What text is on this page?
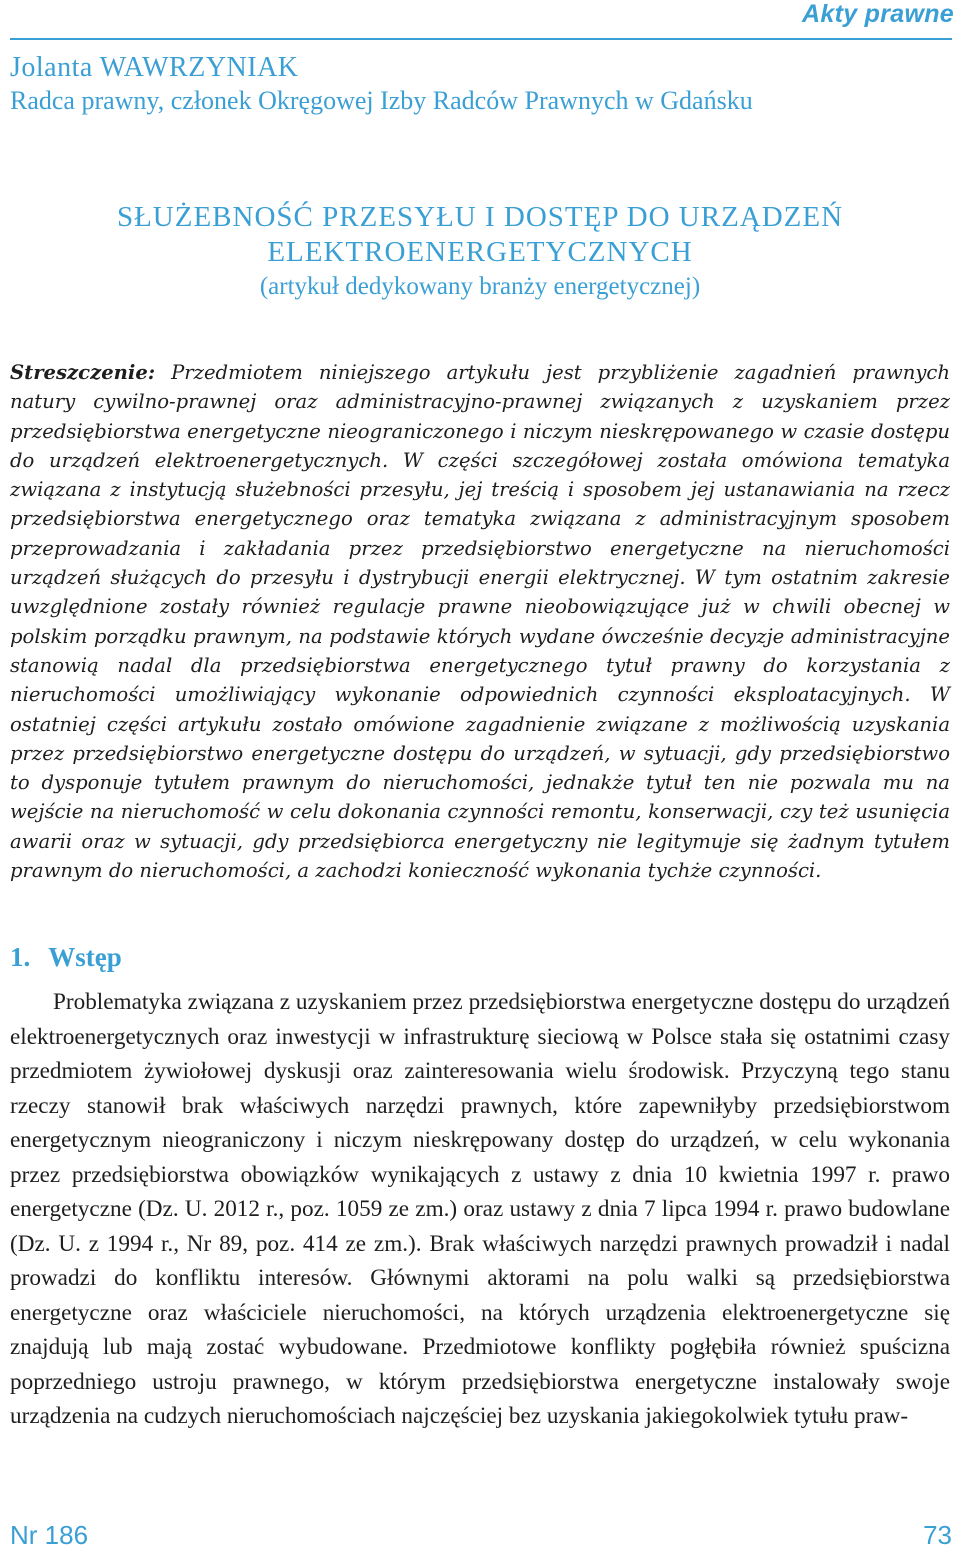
Akty prawne
Jolanta WAWRZYNIAK
Radca prawny, członek Okręgowej Izby Radców Prawnych w Gdańsku
SŁUŻEBNOŚĆ PRZESYŁU I DOSTĘP DO URZĄDZEŃ
ELEKTROENERGETYCZNYCH
(artykuł dedykowany branży energetycznej)
Streszczenie: Przedmiotem niniejszego artykułu jest przybliżenie zagadnień prawnych natury cywilno-prawnej oraz administracyjno-prawnej związanych z uzyskaniem przez przedsiębiorstwa energetyczne nieograniczonego i niczym nieskrępowanego w czasie dostępu do urządzeń elektroenergetycznych. W części szczegółowej została omówiona tematyka związana z instytucją służebności przesyłu, jej treścią i sposobem jej ustanawiania na rzecz przedsiębiorstwa energetycznego oraz tematyka związana z administracyjnym sposobem przeprowadzania i zakładania przez przedsiębiorstwo energetyczne na nieruchomości urządzeń służących do przesyłu i dystrybucji energii elektrycznej. W tym ostatnim zakresie uwzględnione zostały również regulacje prawne nieobowiązujące już w chwili obecnej w polskim porządku prawnym, na podstawie których wydane ówcześnie decyzje administracyjne stanowią nadal dla przedsiębiorstwa energetycznego tytuł prawny do korzystania z nieruchomości umożliwiający wykonanie odpowiednich czynności eksploatacyjnych. W ostatniej części artykułu zostało omówione zagadnienie związane z możliwością uzyskania przez przedsiębiorstwo energetyczne dostępu do urządzeń, w sytuacji, gdy przedsiębiorstwo to dysponuje tytułem prawnym do nieruchomości, jednakże tytuł ten nie pozwala mu na wejście na nieruchomość w celu dokonania czynności remontu, konserwacji, czy też usunięcia awarii oraz w sytuacji, gdy przedsiębiorca energetyczny nie legitymuje się żadnym tytułem prawnym do nieruchomości, a zachodzi konieczność wykonania tychże czynności.
1. Wstęp
Problematyka związana z uzyskaniem przez przedsiębiorstwa energetyczne dostępu do urządzeń elektroenergetycznych oraz inwestycji w infrastrukturę sieciową w Polsce stała się ostatnimi czasy przedmiotem żywiołowej dyskusji oraz zainteresowania wielu środowisk. Przyczyną tego stanu rzeczy stanowił brak właściwych narzędzi prawnych, które zapewniłyby przedsiębiorstwom energetycznym nieograniczony i niczym nieskrępowany dostęp do urządzeń, w celu wykonania przez przedsiębiorstwa obowiązków wynikających z ustawy z dnia 10 kwietnia 1997 r. prawo energetyczne (Dz. U. 2012 r., poz. 1059 ze zm.) oraz ustawy z dnia 7 lipca 1994 r. prawo budowlane (Dz. U. z 1994 r., Nr 89, poz. 414 ze zm.). Brak właściwych narzędzi prawnych prowadził i nadal prowadzi do konfliktu interesów. Głównymi aktorami na polu walki są przedsiębiorstwa energetyczne oraz właściciele nieruchomości, na których urządzenia elektroenergetyczne się znajdują lub mają zostać wybudowane. Przedmiotowe konflikty pogłębiła również spuścizna poprzedniego ustroju prawnego, w którym przedsiębiorstwa energetyczne instalowały swoje urządzenia na cudzych nieruchomościach najczęściej bez uzyskania jakiegokolwiek tytułu praw-
Nr 186	73
